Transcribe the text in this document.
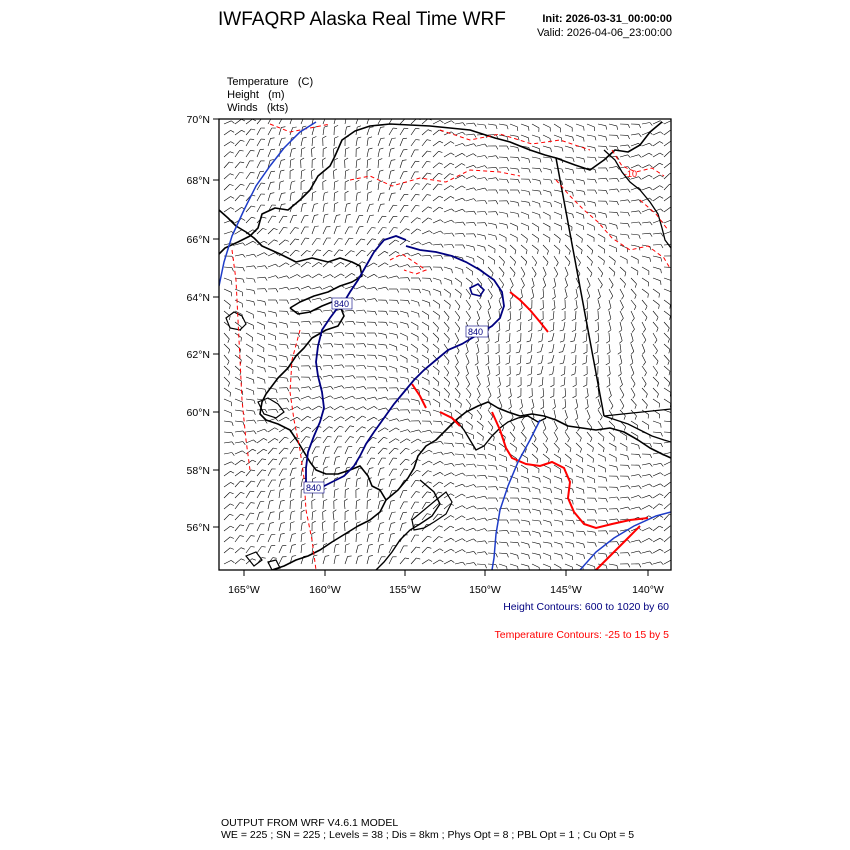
IWFAQRP Alaska Real Time WRF	Init: 2026-03-31_00:00:00
Valid: 2026-04-06_23:00:00

Temperature (C)

Height (m)

Winds (kts)

840
840
840
-10
70°N
68°N
66°N
64°N
62°N
60°N
58°N
56°N
165°W	160°W	155°W	150°W	145°W	140°W
Height Contours: 600 to 1020 by 60
Temperature Contours: -25 to 15 by 5
OUTPUT FROM WRF V4.6.1 MODEL
WE = 225 ; SN = 225 ; Levels = 38 ; Dis = 8km ; Phys Opt = 8 ; PBL Opt = 1 ; Cu Opt = 5
